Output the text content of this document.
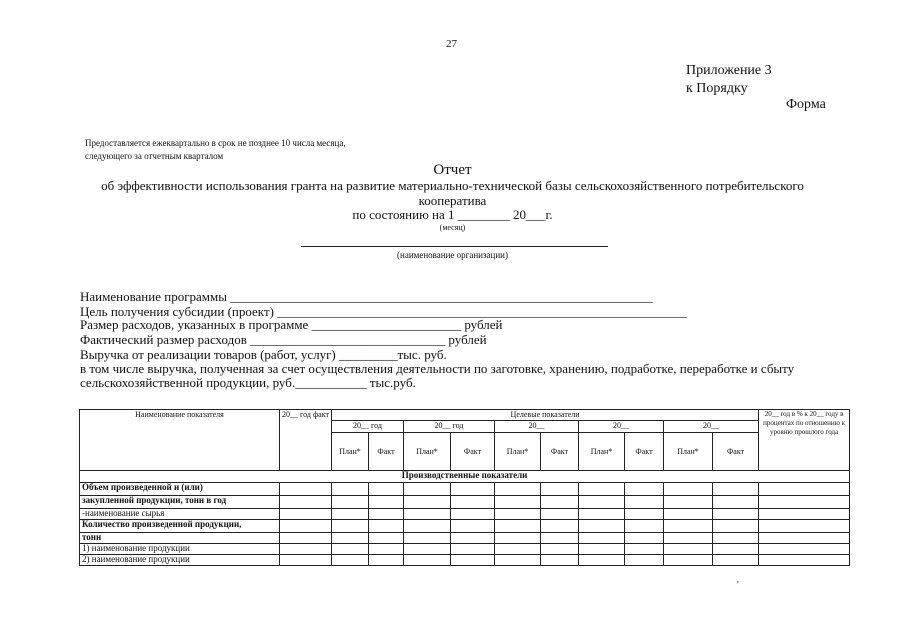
27
Приложение 3
к Порядку
Форма
Предоставляется ежеквартально в срок не позднее 10 числа месяца,
следующего за отчетным кварталом
Отчет
об эффективности использования гранта на развитие материально-технической базы сельскохозяйственного потребительского
кооператива
по состоянию на 1 ________ 20___г.
(месяц)
(наименование организации)
Наименование программы _________________________________________________________________
Цель получения субсидии (проект) _______________________________________________________________
Размер расходов, указанных в программе _______________________ рублей
Фактический размер расходов ______________________________ рублей
Выручка от реализации товаров (работ, услуг) _________тыс. руб.
в том числе выручка, полученная за счет осуществления деятельности по заготовке, хранению, подработке, переработке и сбыту
сельскохозяйственной продукции, руб.___________ тыс.руб.
Наименование показателя	20__ год факт	Целевые показатели										20__ год в % к 20__ году в процентах по отношению к уровню прошлого года
		20__ год		20__ год		20__		20__		20__		
		План*	Факт	План*	Факт	План*	Факт	План*	Факт	План*	Факт	
Производственные показатели												
Объем произведенной и (или)												
закупленной продукции, тонн в год												
-наименование сырья												
Количество произведенной продукции,												
тонн												
1) наименование продукции												
2) наименование продукции												
'
